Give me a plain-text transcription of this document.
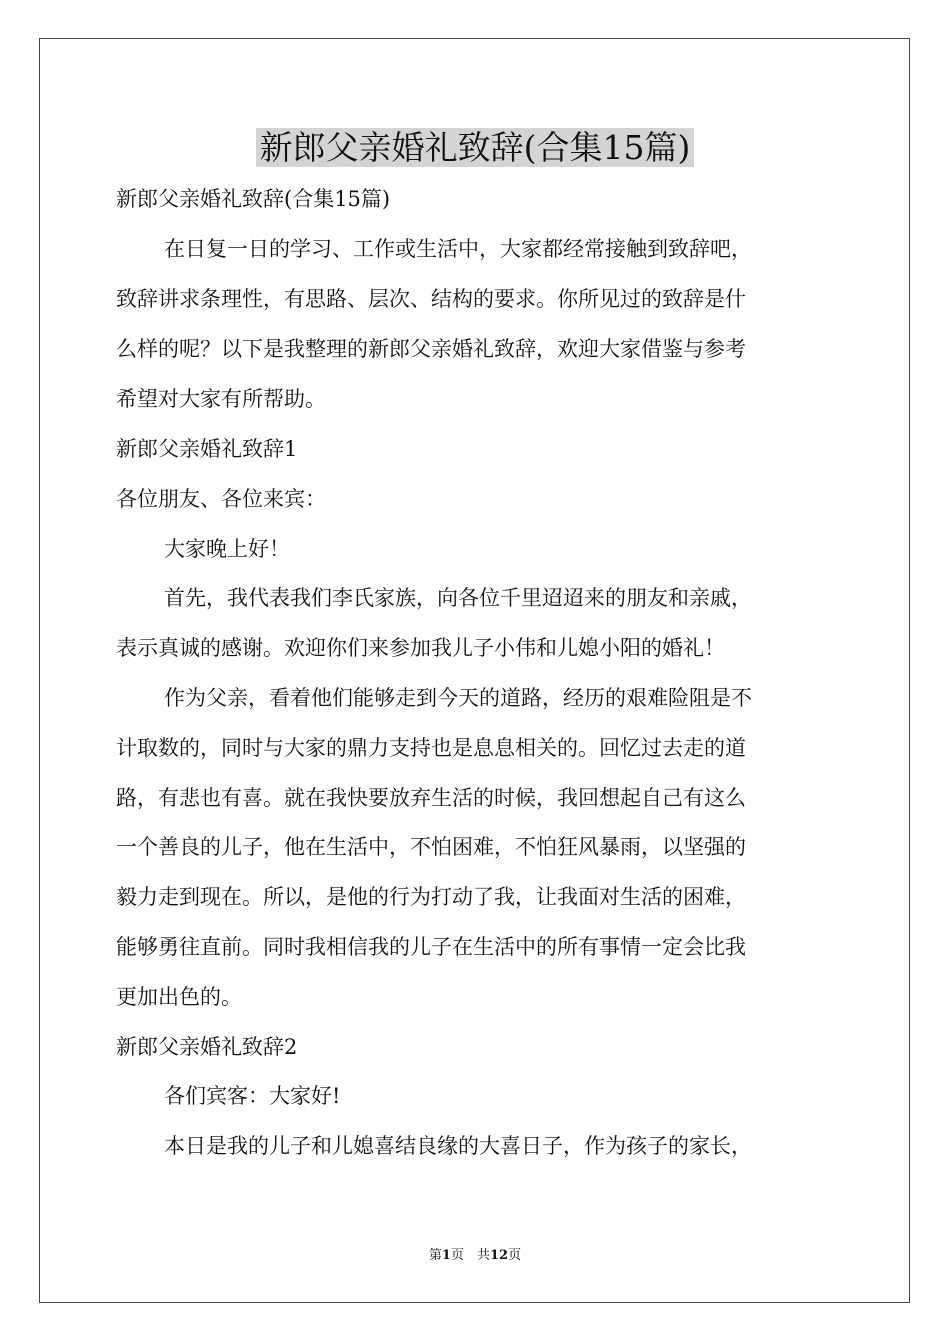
新郎父亲婚礼致辞(合集15篇)
新郎父亲婚礼致辞(合集15篇)
在日复一日的学习、工作或生活中，大家都经常接触到致辞吧，
致辞讲求条理性，有思路、层次、结构的要求。你所见过的致辞是什
么样的呢？以下是我整理的新郎父亲婚礼致辞，欢迎大家借鉴与参考
希望对大家有所帮助。
新郎父亲婚礼致辞1
各位朋友、各位来宾：
大家晚上好！
首先，我代表我们李氏家族，向各位千里迢迢来的朋友和亲戚，
表示真诚的感谢。欢迎你们来参加我儿子小伟和儿媳小阳的婚礼！
作为父亲，看着他们能够走到今天的道路，经历的艰难险阻是不
计取数的，同时与大家的鼎力支持也是息息相关的。回忆过去走的道
路，有悲也有喜。就在我快要放弃生活的时候，我回想起自己有这么
一个善良的儿子，他在生活中，不怕困难，不怕狂风暴雨，以坚强的
毅力走到现在。所以，是他的行为打动了我，让我面对生活的困难，
能够勇往直前。同时我相信我的儿子在生活中的所有事情一定会比我
更加出色的。
新郎父亲婚礼致辞2
各们宾客：大家好!
本日是我的儿子和儿媳喜结良缘的大喜日子，作为孩子的家长，
第1页　共12页
